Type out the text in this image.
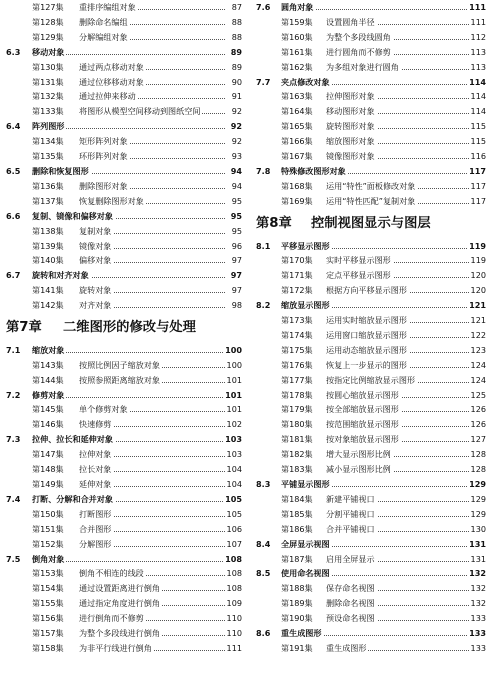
第127集 重排序编组对象	87
第128集 删除命名编组	88
第129集 分解编组对象	88
6.3 移动对象	89
第130集 通过两点移动对象	89
第131集 通过位移移动对象	90
第132集 通过拉伸来移动	91
第133集 将图形从模型空间移动到图纸空间	92
6.4 阵列图形	92
第134集 矩形阵列对象	92
第135集 环形阵列对象	93
6.5 删除和恢复图形	94
第136集 删除图形对象	94
第137集 恢复删除图形对象	95
6.6 复制、镜像和偏移对象	95
第138集 复制对象	95
第139集 镜像对象	96
第140集 偏移对象	97
6.7 旋转和对齐对象	97
第141集 旋转对象	97
第142集 对齐对象	98
第7章 二维图形的修改与处理
7.1 缩放对象	100
第143集 按照比例因子缩放对象	100
第144集 按照参照距离缩放对象	101
7.2 修剪对象	101
第145集 单个修剪对象	101
第146集 快速修剪	102
7.3 拉伸、拉长和延伸对象	103
第147集 拉伸对象	103
第148集 拉长对象	104
第149集 延伸对象	104
7.4 打断、分解和合并对象	105
第150集 打断图形	105
第151集 合并图形	106
第152集 分解图形	107
7.5 倒角对象	108
第153集 倒角不相连的线段	108
第154集 通过设置距离进行倒角	108
第155集 通过指定角度进行倒角	109
第156集 进行倒角而不修剪	110
第157集 为整个多段线进行倒角	110
第158集 为非平行线进行倒角	111
7.6 圆角对象	111
第159集 设置圆角半径	111
第160集 为整个多段线圆角	112
第161集 进行圆角而不修剪	113
第162集 为多组对象进行圆角	113
7.7 夹点修改对象	114
第163集 拉伸图形对象	114
第164集 移动图形对象	114
第165集 旋转图形对象	115
第166集 缩放图形对象	115
第167集 镜像图形对象	116
7.8 特殊修改图形对象	117
第168集 运用“特性”面板修改对象	117
第169集 运用“特性匹配”复制对象	117
第8章 控制视图显示与图层
8.1 平移显示图形	119
第170集 实时平移显示图形	119
第171集 定点平移显示图形	120
第172集 根据方向平移显示图形	120
8.2 缩放显示图形	121
第173集 运用实时缩放显示图形	121
第174集 运用窗口缩放显示图形	122
第175集 运用动态缩放显示图形	123
第176集 恢复上一步显示的图形	124
第177集 按指定比例缩放显示图形	124
第178集 按圆心缩放显示图形	125
第179集 按全部缩放显示图形	126
第180集 按范围缩放显示图形	126
第181集 按对象缩放显示图形	127
第182集 增大显示图形比例	128
第183集 减小显示图形比例	128
8.3 平铺显示图形	129
第184集 新建平铺视口	129
第185集 分割平铺视口	129
第186集 合并平铺视口	130
8.4 全屏显示视图	131
第187集 启用全屏显示	131
8.5 使用命名视图	132
第188集 保存命名视图	132
第189集 删除命名视图	132
第190集 预设命名视图	133
8.6 重生成图形	133
第191集 重生成图形	133
